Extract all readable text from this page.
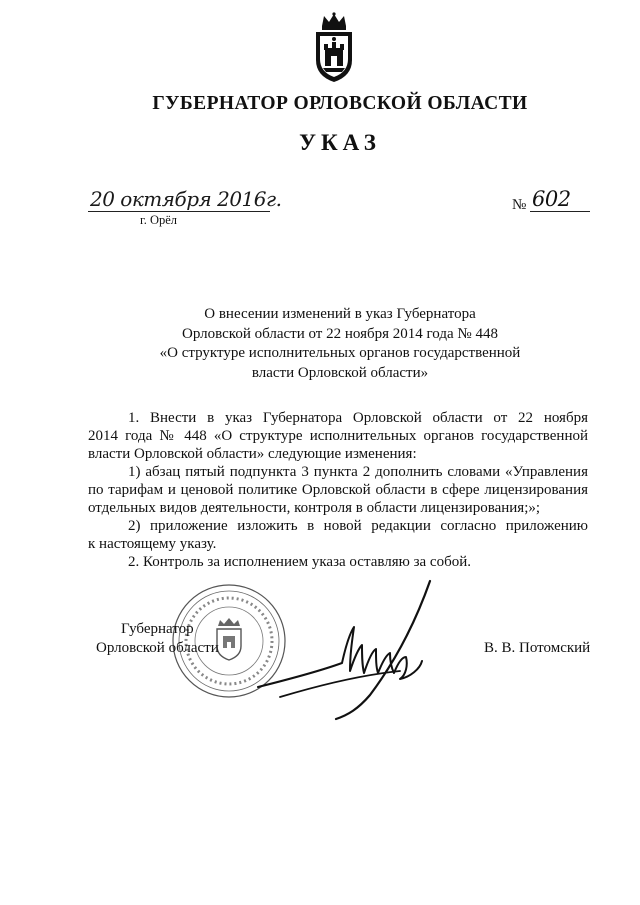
ГУБЕРНАТОР ОРЛОВСКОЙ ОБЛАСТИ
УКАЗ
20 октября 2016г.
г. Орёл
№ 602
О внесении изменений в указ Губернатора
Орловской области от 22 ноября 2014 года № 448
«О структуре исполнительных органов государственной
власти Орловской области»
1. Внести в указ Губернатора Орловской области от 22 ноября
2014 года № 448 «О структуре исполнительных органов государственной
власти Орловской области» следующие изменения:
1) абзац пятый подпункта 3 пункта 2 дополнить словами «Управления
по тарифам и ценовой политике Орловской области в сфере лицензирования
отдельных видов деятельности, контроля в области лицензирования;»;
2) приложение изложить в новой редакции согласно приложению
к настоящему указу.
2. Контроль за исполнением указа оставляю за собой.
Губернатор
Орловской области	В. В. Потомский
